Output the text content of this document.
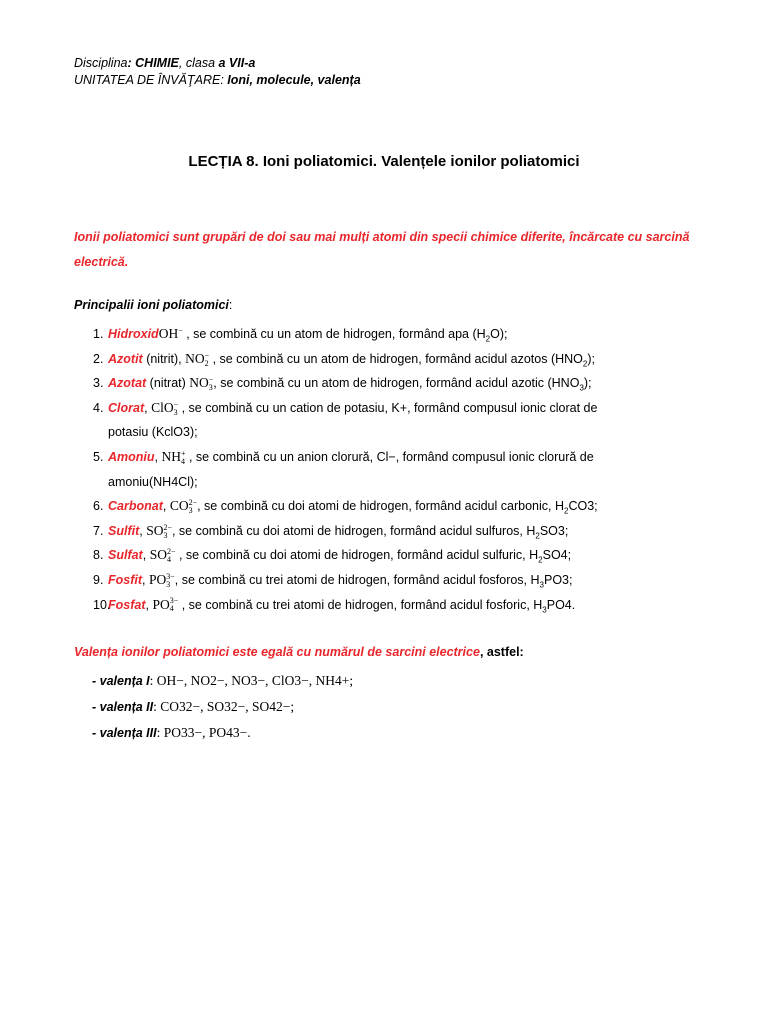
Disciplina: CHIMIE, clasa a VII-a
UNITATEA DE ÎNVĂŢARE: Ioni, molecule, valența
LECȚIA 8. Ioni poliatomici. Valențele ionilor poliatomici
Ionii poliatomici sunt grupări de doi sau mai mulți atomi din specii chimice diferite, încărcate cu sarcină electrică.
Principalii ioni poliatomici:
1. HidroxidOH −
, se combină cu un atom de hidrogen, formând apa $(H_2O)$;
2. Azotit (nitrit), NO −
2 , se combină cu un atom de hidrogen, formând acidul azotos $(HNO_2)$;
3. Azotat (nitrat) NO −
3 , se combină cu un atom de hidrogen, formând acidul azotic $(HNO_3)$;
4. Clorat, ClO −
3 , se combină cu un cation de potasiu, K+, formând compusul ionic clorat de potasiu (KclO3);
5. Amoniu, NH +
4 , se combină cu un anion clorură, Cl−, formând compusul ionic clorură de amoniu(NH4Cl);
6. Carbonat, CO 2−
3 , se combină cu doi atomi de hidrogen, formând acidul carbonic, $H_2CO3$;
7. Sulfit, SO 2−
3 , se combină cu doi atomi de hidrogen, formând acidul sulfuros, $H_2SO3$;
8. Sulfat, SO 2−
4 , se combină cu doi atomi de hidrogen, formând acidul sulfuric, $H_2SO4$;
9. Fosfit, PO 3−
3 , se combină cu trei atomi de hidrogen, formând acidul fosforos, $H_3PO3$;
10.
Fosfat, PO 3−
4 , se combină cu trei atomi de hidrogen, formând acidul fosforic, $H_3PO4$.
Valența ionilor poliatomici este egală cu numărul de sarcini electrice, astfel:
- valența I: OH−, NO2−, NO3−, ClO3−, NH4+;
- valența II: CO32−, SO32−, SO42−;
- valența III: PO33−, PO43−.
